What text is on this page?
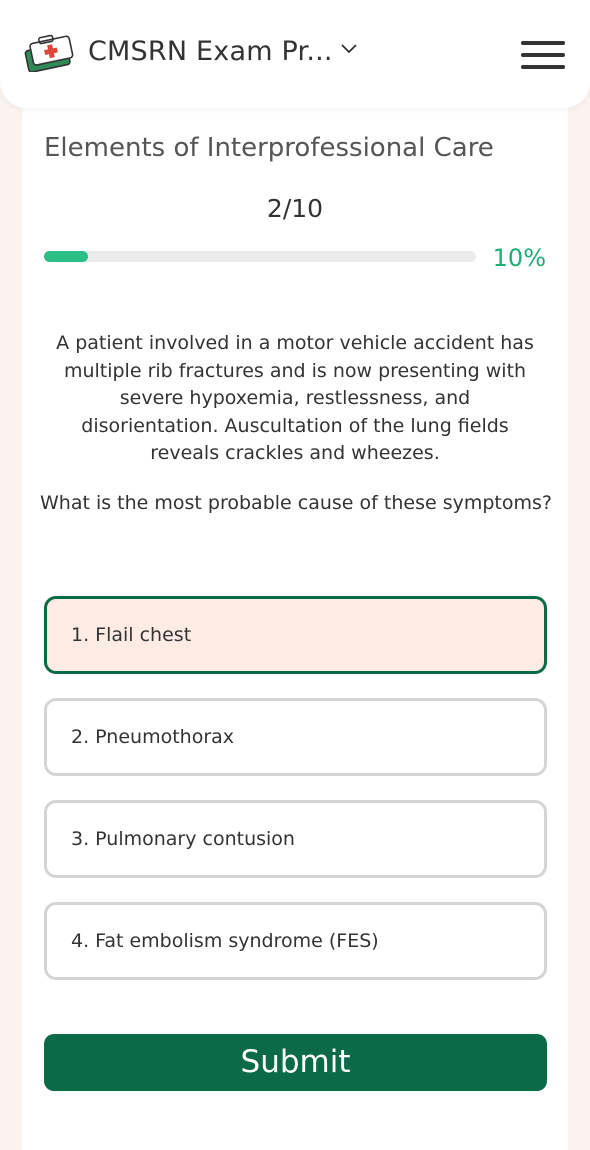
CMSRN Exam Pr...
Elements of Interprofessional Care
2/10
10%
A patient involved in a motor vehicle accident has multiple rib fractures and is now presenting with severe hypoxemia, restlessness, and disorientation. Auscultation of the lung fields reveals crackles and wheezes.
What is the most probable cause of these symptoms?
1. Flail chest
2. Pneumothorax
3. Pulmonary contusion
4. Fat embolism syndrome (FES)
Submit
